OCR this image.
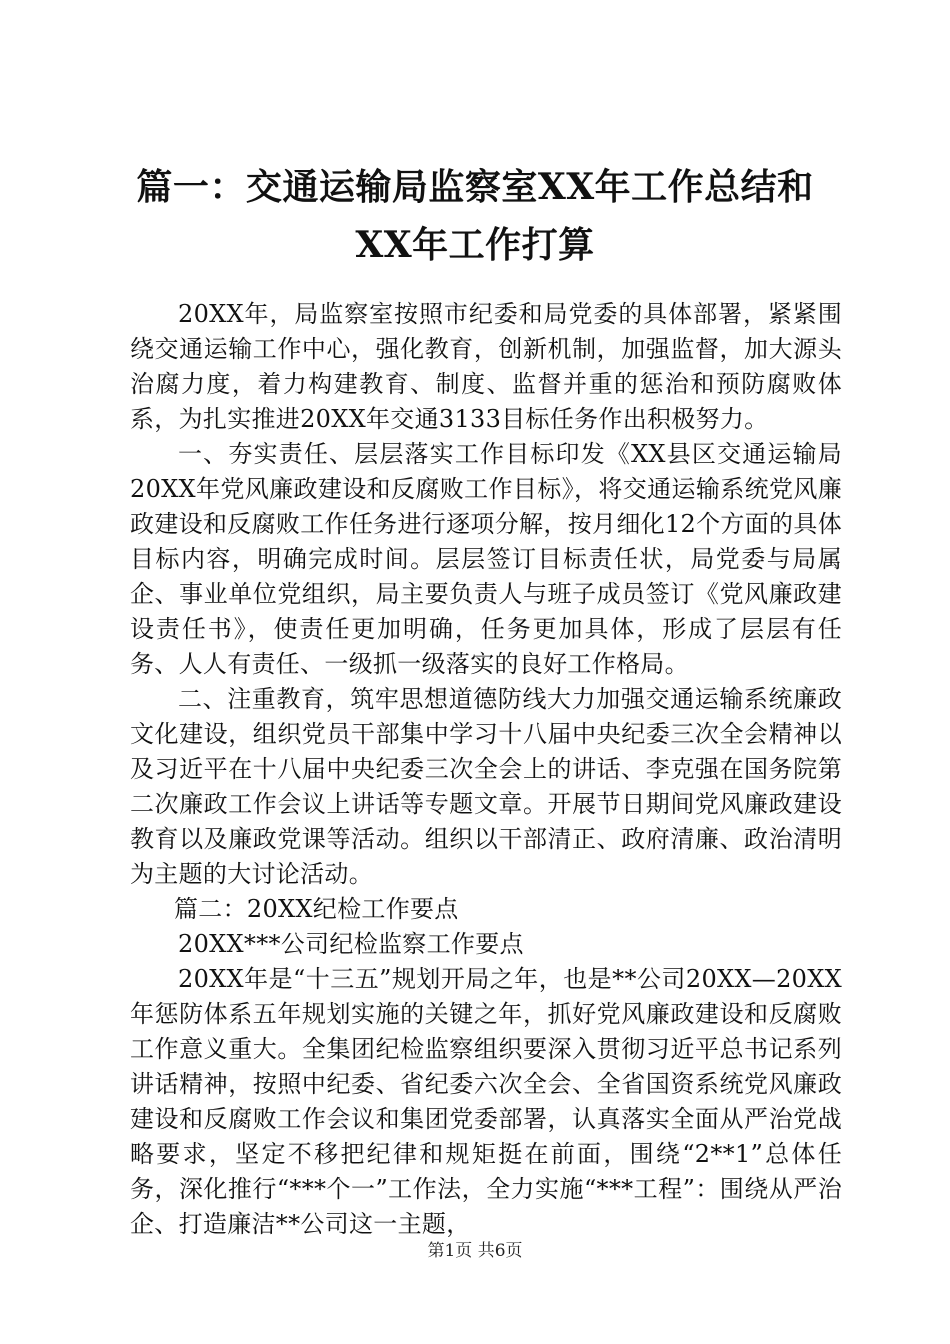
篇一：交通运输局监察室XX年工作总结和XX年工作打算

20XX年，局监察室按照市纪委和局党委的具体部署，紧紧围绕交通运输工作中心，强化教育，创新机制，加强监督，加大源头治腐力度，着力构建教育、制度、监督并重的惩治和预防腐败体系，为扎实推进20XX年交通3133目标任务作出积极努力。

一、夯实责任、层层落实工作目标印发《XX县区交通运输局20XX年党风廉政建设和反腐败工作目标》，将交通运输系统党风廉政建设和反腐败工作任务进行逐项分解，按月细化12个方面的具体目标内容，明确完成时间。层层签订目标责任状，局党委与局属企、事业单位党组织，局主要负责人与班子成员签订《党风廉政建设责任书》，使责任更加明确，任务更加具体，形成了层层有任务、人人有责任、一级抓一级落实的良好工作格局。

二、注重教育，筑牢思想道德防线大力加强交通运输系统廉政文化建设，组织党员干部集中学习十八届中央纪委三次全会精神以及习近平在十八届中央纪委三次全会上的讲话、李克强在国务院第二次廉政工作会议上讲话等专题文章。开展节日期间党风廉政建设教育以及廉政党课等活动。组织以干部清正、政府清廉、政治清明为主题的大讨论活动。

篇二：20XX纪检工作要点

20XX***公司纪检监察工作要点

20XX年是“十三五”规划开局之年，也是**公司20XX—20XX年惩防体系五年规划实施的关键之年，抓好党风廉政建设和反腐败工作意义重大。全集团纪检监察组织要深入贯彻习近平总书记系列讲话精神，按照中纪委、省纪委六次全会、全省国资系统党风廉政建设和反腐败工作会议和集团党委部署，认真落实全面从严治党战略要求，坚定不移把纪律和规矩挺在前面，围绕“2**1”总体任务，深化推行“***个一”工作法，全力实施“***工程”：围绕从严治企、打造廉洁**公司这一主题，

第1页 共6页
